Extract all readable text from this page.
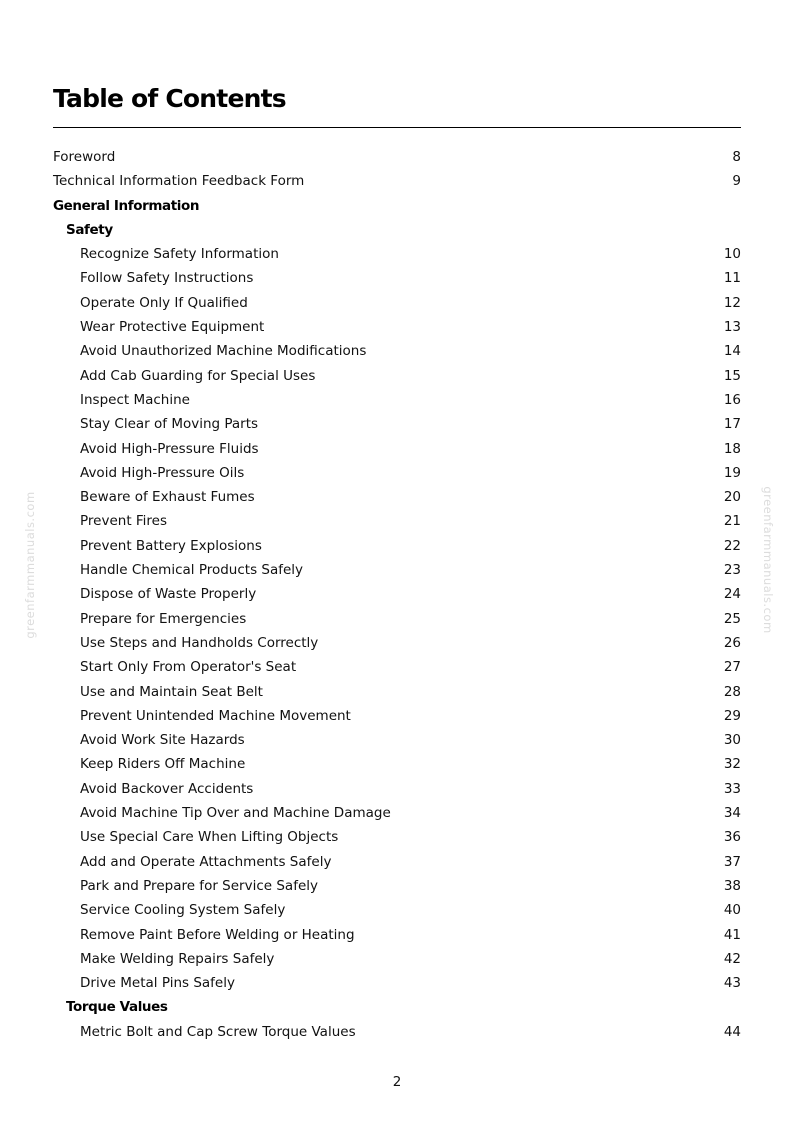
Table of Contents
Foreword	8
Technical Information Feedback Form	9
General Information
Safety
Recognize Safety Information	10
Follow Safety Instructions	11
Operate Only If Qualified	12
Wear Protective Equipment	13
Avoid Unauthorized Machine Modifications	14
Add Cab Guarding for Special Uses	15
Inspect Machine	16
Stay Clear of Moving Parts	17
Avoid High-Pressure Fluids	18
Avoid High-Pressure Oils	19
Beware of Exhaust Fumes	20
Prevent Fires	21
Prevent Battery Explosions	22
Handle Chemical Products Safely	23
Dispose of Waste Properly	24
Prepare for Emergencies	25
Use Steps and Handholds Correctly	26
Start Only From Operator's Seat	27
Use and Maintain Seat Belt	28
Prevent Unintended Machine Movement	29
Avoid Work Site Hazards	30
Keep Riders Off Machine	32
Avoid Backover Accidents	33
Avoid Machine Tip Over and Machine Damage	34
Use Special Care When Lifting Objects	36
Add and Operate Attachments Safely	37
Park and Prepare for Service Safely	38
Service Cooling System Safely	40
Remove Paint Before Welding or Heating	41
Make Welding Repairs Safely	42
Drive Metal Pins Safely	43
Torque Values
Metric Bolt and Cap Screw Torque Values	44
greenfarmmanuals.com	greenfarmmanuals.com
2
